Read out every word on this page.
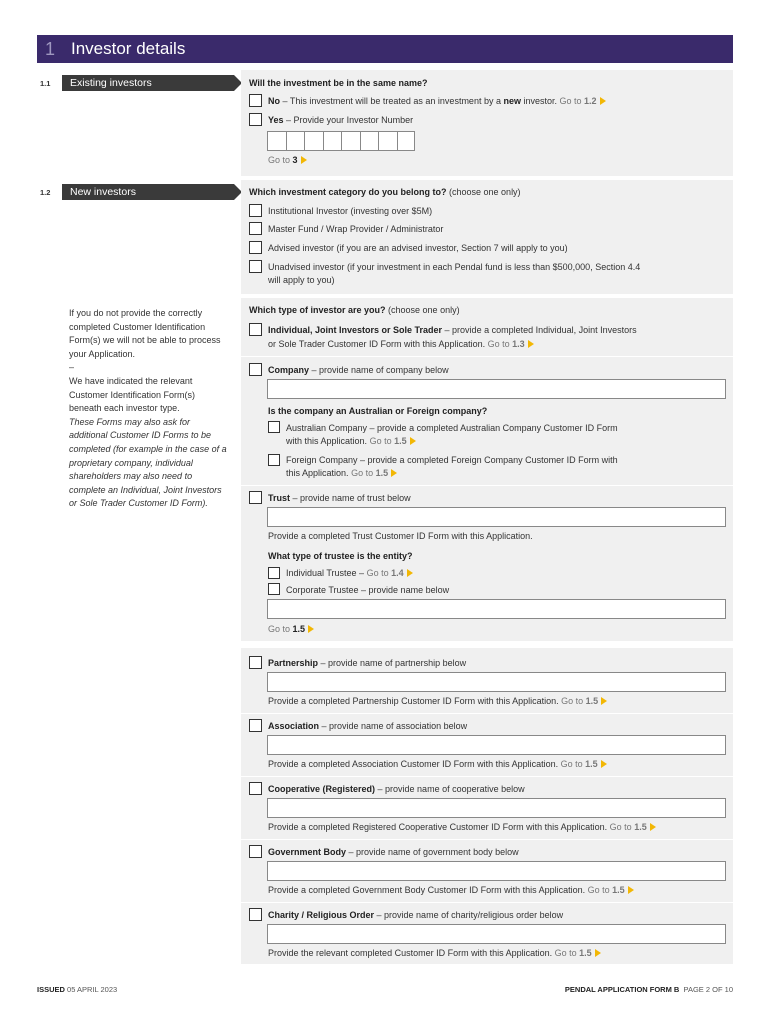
1 Investor details
1.1	Existing investors	Will the investment be in the same name?
No – This investment will be treated as an investment by a new investor. Go to 1.2
Yes – Provide your Investor Number
Go to 3
1.2	New investors	Which investment category do you belong to? (choose one only)
Institutional Investor (investing over $5M)
Master Fund / Wrap Provider / Administrator
Advised investor (if you are an advised investor, Section 7 will apply to you)
Unadvised investor (if your investment in each Pendal fund is less than $500,000, Section 4.4
will apply to you)
Which type of investor are you? (choose one only)
Individual, Joint Investors or Sole Trader – provide a completed Individual, Joint Investors
or Sole Trader Customer ID Form with this Application. Go to 1.3
Company – provide name of company below
Is the company an Australian or Foreign company?
Australian Company – provide a completed Australian Company Customer ID Form
with this Application. Go to 1.5
Foreign Company – provide a completed Foreign Company Customer ID Form with
this Application. Go to 1.5
Trust – provide name of trust below
Provide a completed Trust Customer ID Form with this Application.
What type of trustee is the entity?
Individual Trustee – Go to 1.4
Corporate Trustee – provide name below
Go to 1.5
Partnership – provide name of partnership below
Provide a completed Partnership Customer ID Form with this Application. Go to 1.5
Association – provide name of association below
Provide a completed Association Customer ID Form with this Application. Go to 1.5
Cooperative (Registered) – provide name of cooperative below
Provide a completed Registered Cooperative Customer ID Form with this Application. Go to 1.5
Government Body – provide name of government body below
Provide a completed Government Body Customer ID Form with this Application. Go to 1.5
Charity / Religious Order – provide name of charity/religious order below
Provide the relevant completed Customer ID Form with this Application. Go to 1.5

If you do not provide the correctly completed Customer Identification Form(s) we will not be able to process your Application.

–

We have indicated the relevant Customer Identification Form(s) beneath each investor type.

These Forms may also ask for additional Customer ID Forms to be completed (for example in the case of a proprietary company, individual shareholders may also need to complete an Individual, Joint Investors or Sole Trader Customer ID Form).

ISSUED 05 APRIL 2023	PENDAL APPLICATION FORM B  PAGE 2 OF 10
